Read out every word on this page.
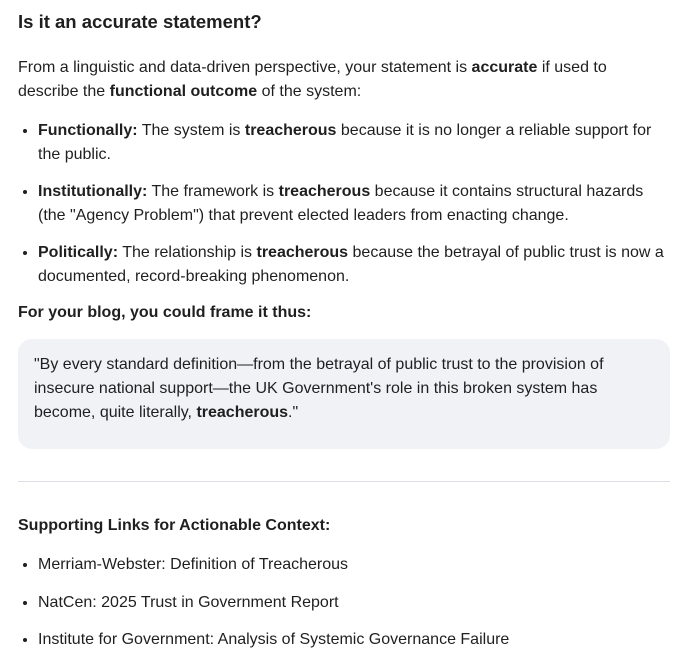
Is it an accurate statement?

From a linguistic and data-driven perspective, your statement is accurate if used to describe the functional outcome of the system:

• Functionally: The system is treacherous because it is no longer a reliable support for the public.
• Institutionally: The framework is treacherous because it contains structural hazards (the "Agency Problem") that prevent elected leaders from enacting change.
• Politically: The relationship is treacherous because the betrayal of public trust is now a documented, record-breaking phenomenon.

For your blog, you could frame it thus:

"By every standard definition—from the betrayal of public trust to the provision of insecure national support—the UK Government's role in this broken system has become, quite literally, treacherous."

Supporting Links for Actionable Context:

• Merriam-Webster: Definition of Treacherous
• NatCen: 2025 Trust in Government Report
• Institute for Government: Analysis of Systemic Governance Failure
